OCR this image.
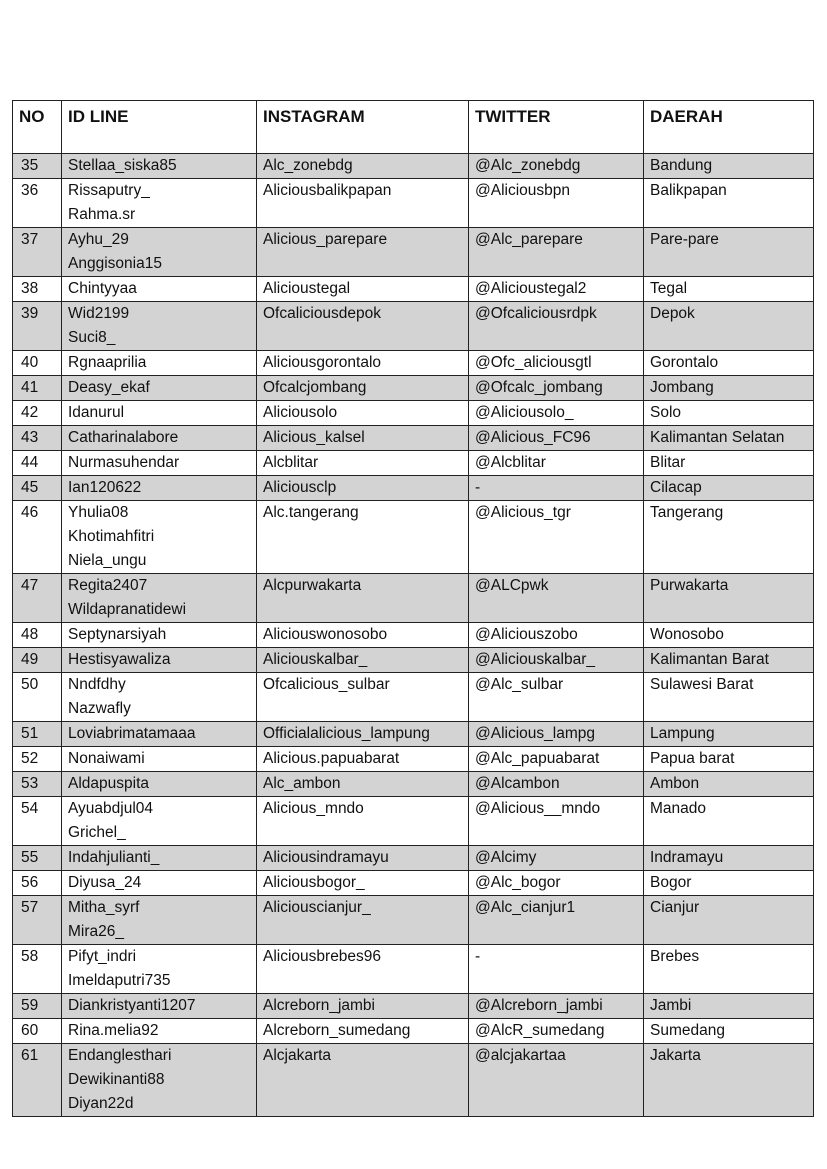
NO	ID LINE	INSTAGRAM	TWITTER	DAERAH
35	Stellaa_siska85	Alc_zonebdg	@Alc_zonebdg	Bandung
36	Rissaputry_
Rahma.sr	Aliciousbalikpapan	@Aliciousbpn	Balikpapan
37	Ayhu_29
Anggisonia15	Alicious_parepare	@Alc_parepare	Pare-pare
38	Chintyyaa	Alicioustegal	@Alicioustegal2	Tegal
39	Wid2199
Suci8_	Ofcaliciousdepok	@Ofcaliciousrdpk	Depok
40	Rgnaaprilia	Aliciousgorontalo	@Ofc_aliciousgtl	Gorontalo
41	Deasy_ekaf	Ofcalcjombang	@Ofcalc_jombang	Jombang
42	Idanurul	Aliciousolo	@Aliciousolo_	Solo
43	Catharinalabore	Alicious_kalsel	@Alicious_FC96	Kalimantan Selatan
44	Nurmasuhendar	Alcblitar	@Alcblitar	Blitar
45	Ian120622	Aliciousclp	-	Cilacap
46	Yhulia08
Khotimahfitri
Niela_ungu	Alc.tangerang	@Alicious_tgr	Tangerang
47	Regita2407
Wildapranatidewi	Alcpurwakarta	@ALCpwk	Purwakarta
48	Septynarsiyah	Aliciouswonosobo	@Aliciouszobo	Wonosobo
49	Hestisyawaliza	Aliciouskalbar_	@Aliciouskalbar_	Kalimantan Barat
50	Nndfdhy
Nazwafly	Ofcalicious_sulbar	@Alc_sulbar	Sulawesi Barat
51	Loviabrimatamaaa	Officialalicious_lampung	@Alicious_lampg	Lampung
52	Nonaiwami	Alicious.papuabarat	@Alc_papuabarat	Papua barat
53	Aldapuspita	Alc_ambon	@Alcambon	Ambon
54	Ayuabdjul04
Grichel_	Alicious_mndo	@Alicious__mndo	Manado
55	Indahjulianti_	Aliciousindramayu	@Alcimy	Indramayu
56	Diyusa_24	Aliciousbogor_	@Alc_bogor	Bogor
57	Mitha_syrf
Mira26_	Aliciouscianjur_	@Alc_cianjur1	Cianjur
58	Pifyt_indri
Imeldaputri735	Aliciousbrebes96	-	Brebes
59	Diankristyanti1207	Alcreborn_jambi	@Alcreborn_jambi	Jambi
60	Rina.melia92	Alcreborn_sumedang	@AlcR_sumedang	Sumedang
61	Endanglesthari
Dewikinanti88
Diyan22d	Alcjakarta	@alcjakartaa	Jakarta
